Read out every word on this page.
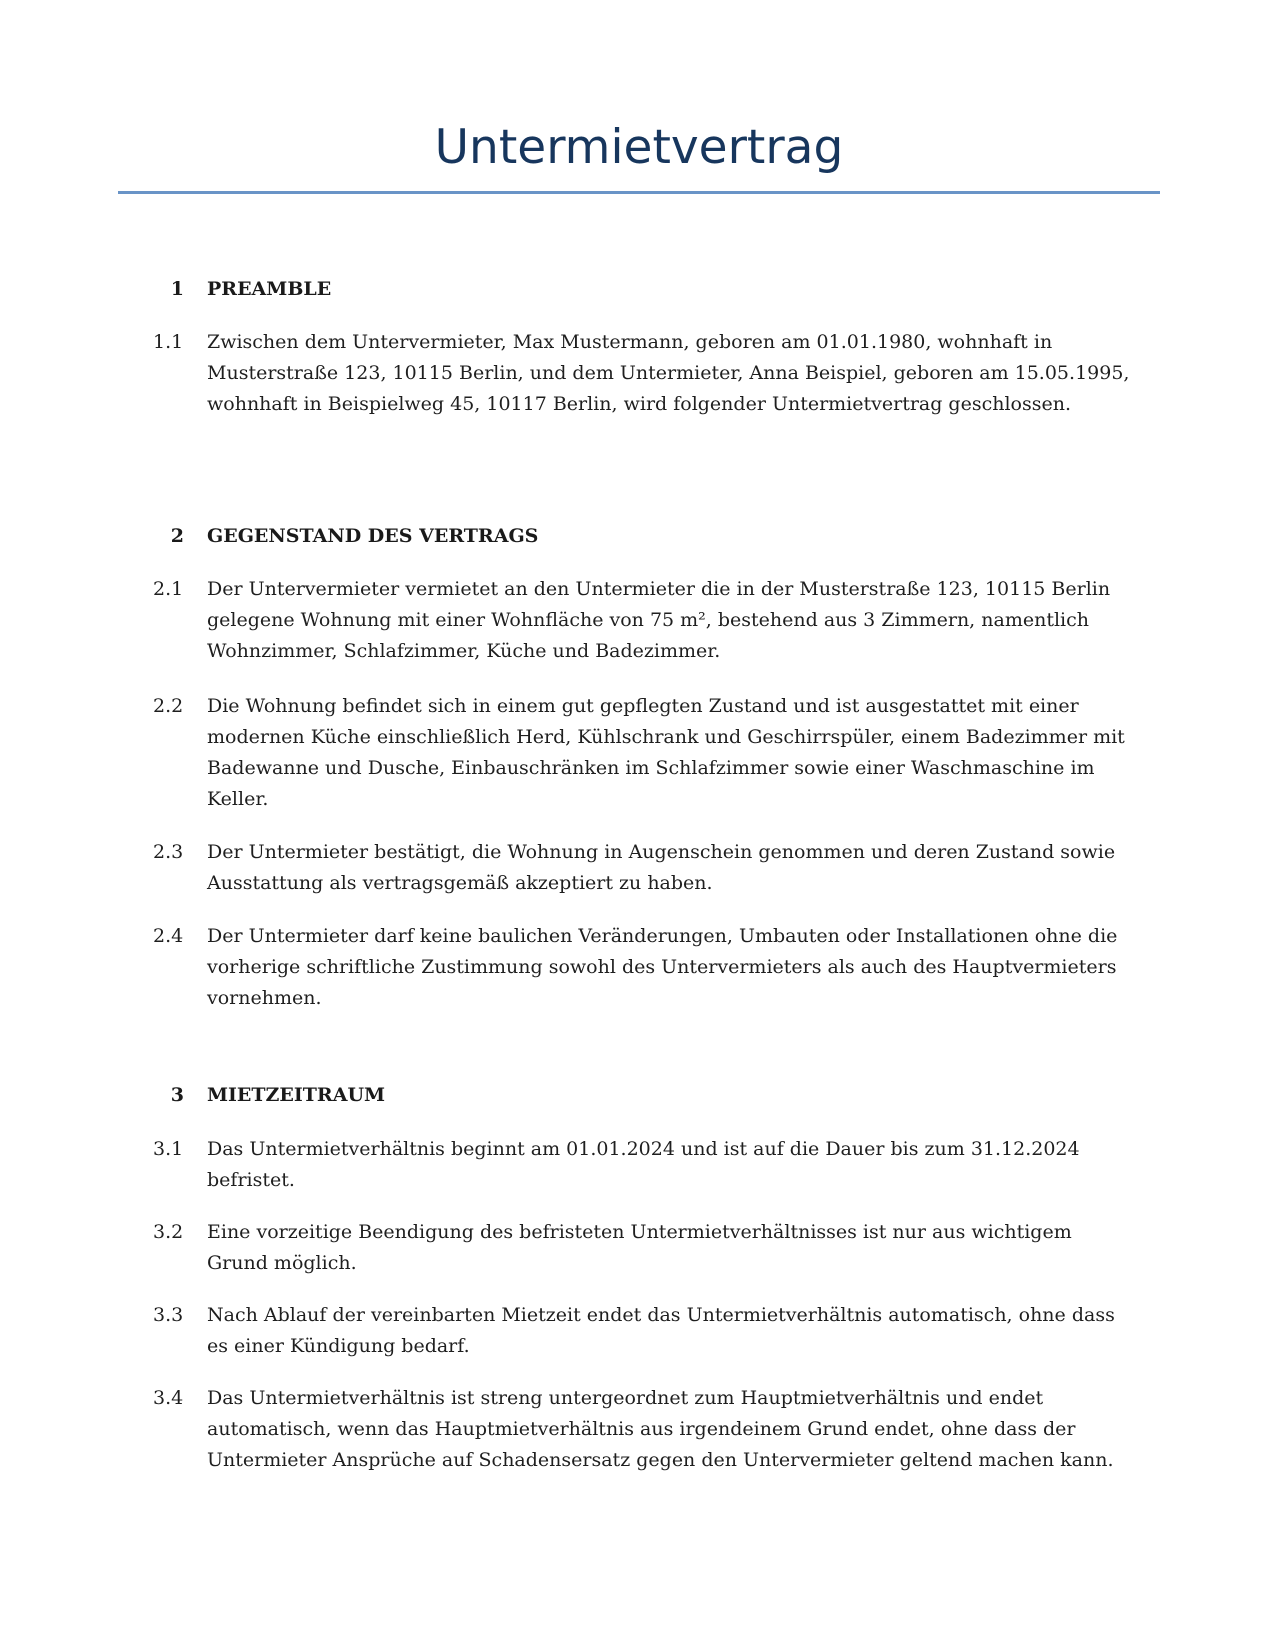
Untermietvertrag
1 PREAMBLE
1.1 Zwischen dem Untervermieter, Max Mustermann, geboren am 01.01.1980, wohnhaft in Musterstraße 123, 10115 Berlin, und dem Untermieter, Anna Beispiel, geboren am 15.05.1995, wohnhaft in Beispielweg 45, 10117 Berlin, wird folgender Untermietvertrag geschlossen.
2 GEGENSTAND DES VERTRAGS
2.1 Der Untervermieter vermietet an den Untermieter die in der Musterstraße 123, 10115 Berlin gelegene Wohnung mit einer Wohnfläche von 75 m², bestehend aus 3 Zimmern, namentlich Wohnzimmer, Schlafzimmer, Küche und Badezimmer.
2.2 Die Wohnung befindet sich in einem gut gepflegten Zustand und ist ausgestattet mit einer modernen Küche einschließlich Herd, Kühlschrank und Geschirrspüler, einem Badezimmer mit Badewanne und Dusche, Einbauschränken im Schlafzimmer sowie einer Waschmaschine im Keller.
2.3 Der Untermieter bestätigt, die Wohnung in Augenschein genommen und deren Zustand sowie Ausstattung als vertragsgemäß akzeptiert zu haben.
2.4 Der Untermieter darf keine baulichen Veränderungen, Umbauten oder Installationen ohne die vorherige schriftliche Zustimmung sowohl des Untervermieters als auch des Hauptvermieters vornehmen.
3 MIETZEITRAUM
3.1 Das Untermietverhältnis beginnt am 01.01.2024 und ist auf die Dauer bis zum 31.12.2024 befristet.
3.2 Eine vorzeitige Beendigung des befristeten Untermietverhältnisses ist nur aus wichtigem Grund möglich.
3.3 Nach Ablauf der vereinbarten Mietzeit endet das Untermietverhältnis automatisch, ohne dass es einer Kündigung bedarf.
3.4 Das Untermietverhältnis ist streng untergeordnet zum Hauptmietverhältnis und endet automatisch, wenn das Hauptmietverhältnis aus irgendeinem Grund endet, ohne dass der Untermieter Ansprüche auf Schadensersatz gegen den Untervermieter geltend machen kann.
